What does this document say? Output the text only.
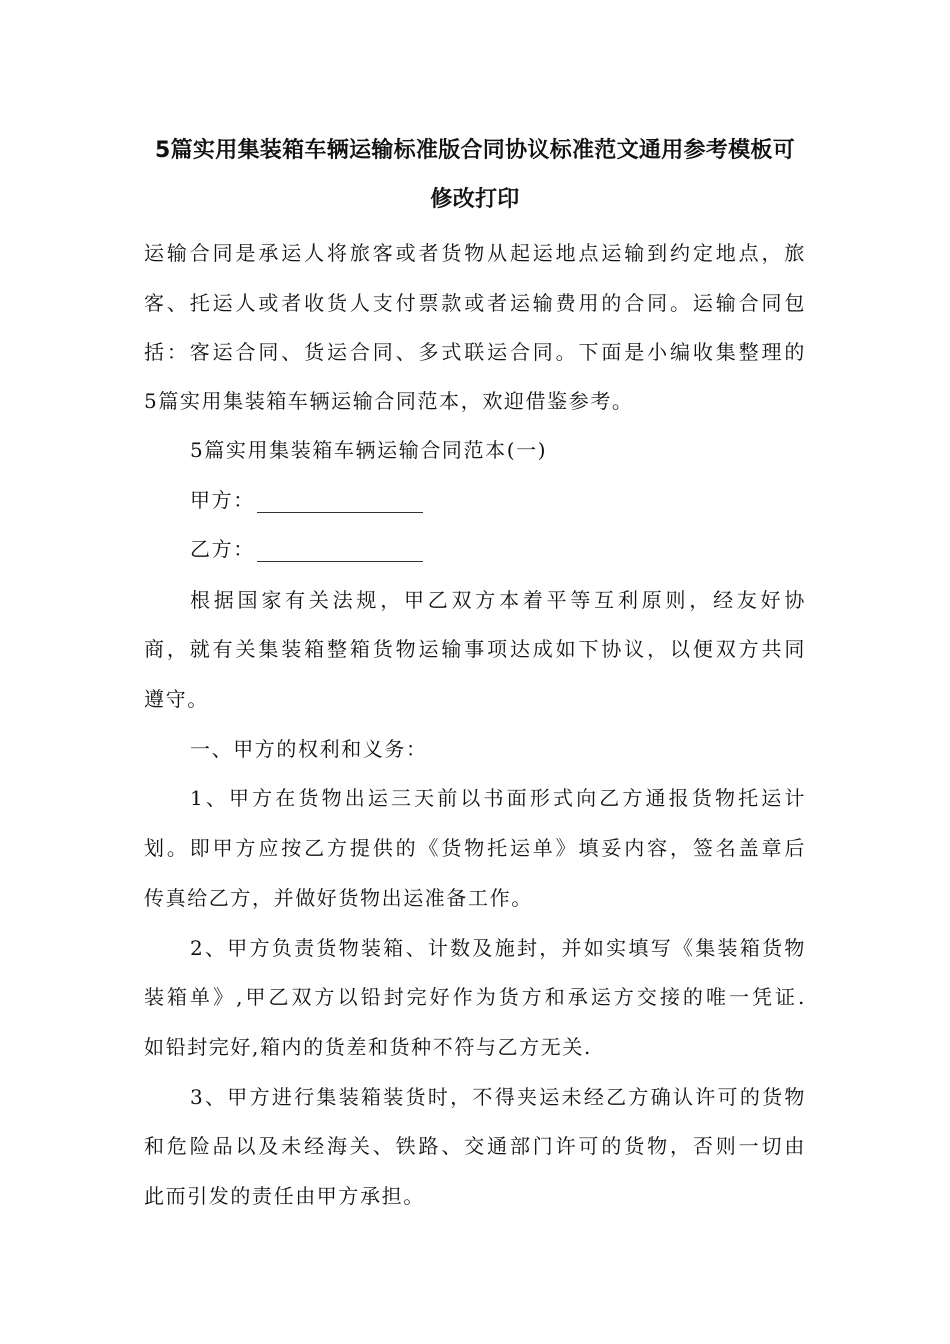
5篇实用集装箱车辆运输标准版合同协议标准范文通用参考模板可
修改打印
运输合同是承运人将旅客或者货物从起运地点运输到约定地点，旅
客、托运人或者收货人支付票款或者运输费用的合同。运输合同包
括：客运合同、货运合同、多式联运合同。下面是小编收集整理的
5篇实用集装箱车辆运输合同范本，欢迎借鉴参考。
5篇实用集装箱车辆运输合同范本(一)
甲方：
乙方：
根据国家有关法规，甲乙双方本着平等互利原则，经友好协
商，就有关集装箱整箱货物运输事项达成如下协议，以便双方共同
遵守。
一、甲方的权利和义务：
1、甲方在货物出运三天前以书面形式向乙方通报货物托运计
划。即甲方应按乙方提供的《货物托运单》填妥内容，签名盖章后
传真给乙方，并做好货物出运准备工作。
2、甲方负责货物装箱、计数及施封，并如实填写《集装箱货物
装箱单》,甲乙双方以铅封完好作为货方和承运方交接的唯一凭证.
如铅封完好,箱内的货差和货种不符与乙方无关.
3、甲方进行集装箱装货时，不得夹运未经乙方确认许可的货物
和危险品以及未经海关、铁路、交通部门许可的货物，否则一切由
此而引发的责任由甲方承担。
